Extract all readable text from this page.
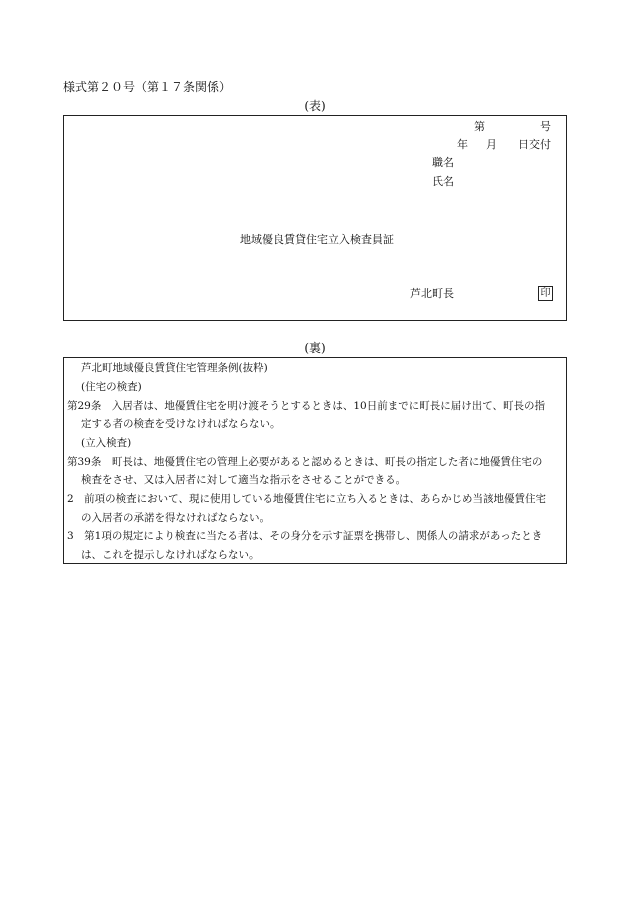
様式第２０号（第１７条関係）
(表)
第	号
年 月 日交付
職名
氏名
地域優良賃貸住宅立入検査員証
芦北町長	印
(裏)
芦北町地域優良賃貸住宅管理条例(抜粋)
(住宅の検査)
第29条　入居者は、地優賃住宅を明け渡そうとするときは、10日前までに町長に届け出て、町長の指
定する者の検査を受けなければならない。
(立入検査)
第39条　町長は、地優賃住宅の管理上必要があると認めるときは、町長の指定した者に地優賃住宅の
検査をさせ、又は入居者に対して適当な指示をさせることができる。
2　前項の検査において、現に使用している地優賃住宅に立ち入るときは、あらかじめ当該地優賃住宅
の入居者の承諾を得なければならない。
3　第1項の規定により検査に当たる者は、その身分を示す証票を携帯し、関係人の請求があったとき
は、これを提示しなければならない。
